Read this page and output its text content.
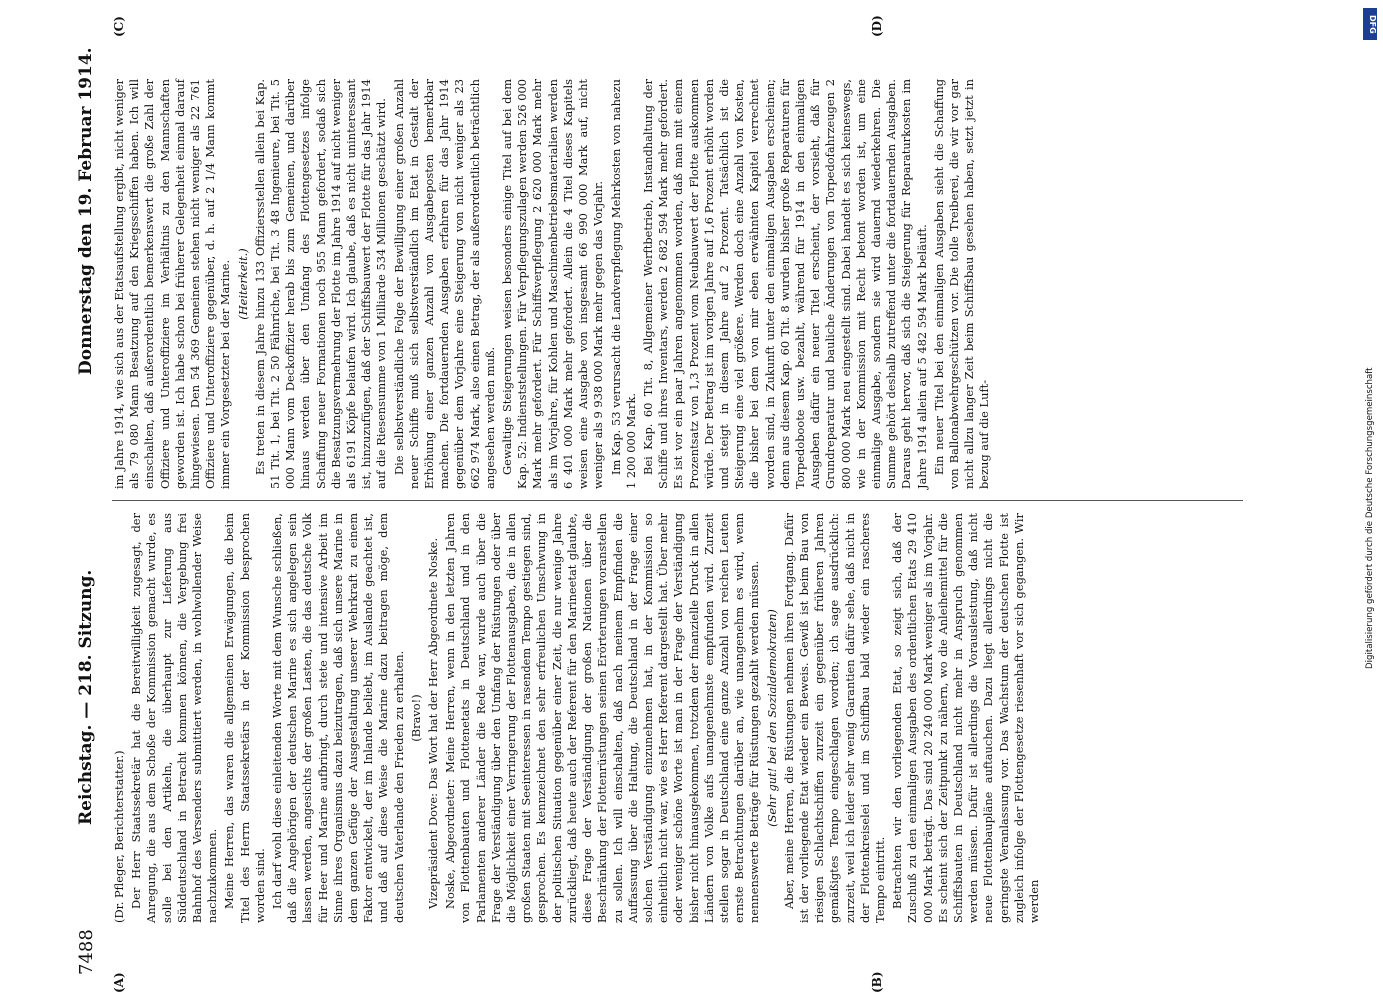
7488
Reichstag. — 218. Sitzung.
Donnerstag den 19. Februar 1914.
(A)	(B)
(C)	(D)

(Dr. Pfleger, Berichterstatter.) Der Herr Staatssekretär hat die Bereitwilligkeit zugesagt, der Anregung, die aus dem Schoße der Kommission gemacht wurde, es solle bei den Artikeln, die überhaupt zur Lieferung aus Süddeutschland in Betracht kommen können, die Vergebung frei Bahnhof des Versenders submittiert werden, in wohlwollender Weise nachzukommen. Meine Herren, das waren die allgemeinen Erwägungen, die beim Titel des Herrn Staatssekretärs in der Kommission besprochen worden sind. Ich darf wohl diese einleitenden Worte mit dem Wunsche schließen, daß die Angehörigen der deutschen Marine es sich angelegen sein lassen werden, angesichts der großen Lasten, die das deutsche Volk für Heer und Marine aufbringt, durch stete und intensive Arbeit im Sinne ihres Organismus dazu beizutragen, daß sich unsere Marine in dem ganzen Gefüge der Ausgestaltung unserer Wehrkraft zu einem Faktor entwickelt, der im Inlande beliebt, im Auslande geachtet ist, und daß auf diese Weise die Marine dazu beitragen möge, dem deutschen Vaterlande den Frieden zu erhalten. (Bravo!) Vizepräsident Dove: Das Wort hat der Herr Abgeordnete Noske. Noske, Abgeordneter: Meine Herren, wenn in den letzten Jahren von Flottenbauten und Flottenetats in Deutschland und in den Parlamenten anderer Länder die Rede war, wurde auch über die Frage der Verständigung über den Umfang der Rüstungen oder über die Möglichkeit einer Verringerung der Flottenausgaben, die in allen großen Staaten mit Seeinteressen in rasendem Tempo gestiegen sind, gesprochen. Es kennzeichnet den sehr erfreulichen Umschwung in der politischen Situation gegenüber einer Zeit, die nur wenige Jahre zurückliegt, daß heute auch der Referent für den Marineetat glaubte, diese Frage der Verständigung der großen Nationen über die Beschränkung der Flottenrüstungen seinen Erörterungen voranstellen zu sollen. Ich will einschalten, daß nach meinem Empfinden die Auffassung über die Haltung, die Deutschland in der Frage einer solchen Verständigung einzunehmen hat, in der Kommission so einheitlich nicht war, wie es Herr Referent dargestellt hat. Über mehr oder weniger schöne Worte ist man in der Frage der Verständigung bisher nicht hinausgekommen, trotzdem der finanzielle Druck in allen Ländern von Volke aufs unangenehmste empfunden wird. Zurzeit stellen sogar in Deutschland eine ganze Anzahl von reichen Leuten ernste Betrachtungen darüber an, wie unangenehm es wird, wenn nennenswerte Beträge für Rüstungen gezahlt werden müssen. (Sehr gut! bei den Sozialdemokraten) Aber, meine Herren, die Rüstungen nehmen ihren Fortgang. Dafür ist der vorliegende Etat wieder ein Beweis. Gewiß ist beim Bau von riesigen Schlachtschiffen zurzeit ein gegenüber früheren Jahren gemäßigtes Tempo eingeschlagen worden; ich sage ausdrücklich: zurzeit, weil ich leider sehr wenig Garantien dafür sehe, daß nicht in der Flottenkreiselei und im Schiffbau bald wieder ein rascheres Tempo eintritt. Betrachten wir den vorliegenden Etat, so zeigt sich, daß der Zuschuß zu den einmaligen Ausgaben des ordentlichen Etats 29 410 000 Mark beträgt. Das sind 20 240 000 Mark weniger als im Vorjahr. Es scheint sich der Zeitpunkt zu nähern, wo die Anleihemittel für die Schiffsbauten in Deutschland nicht mehr in Anspruch genommen werden müssen. Dafür ist allerdings die Vorausleistung, daß nicht neue Flottenbaupläne auftauchen. Dazu liegt allerdings nicht die geringste Veranlassung vor. Das Wachstum der deutschen Flotte ist zugleich infolge der Flottengesetze riesenhaft vor sich gegangen. Wir werden

im Jahre 1914, wie sich aus der Etatsaufstellung ergibt, nicht weniger als 79 080 Mann Besatzung auf den Kriegsschiffen haben. Ich will einschalten, daß außerordentlich bemerkenswert die große Zahl der Offiziere und Unteroffiziere im Verhältnis zu den Mannschaften geworden ist. Ich habe schon bei früherer Gelegenheit einmal darauf hingewiesen. Den 54 369 Gemeinen stehen nicht weniger als 22 761 Offiziere und Unteroffiziere gegenüber, d. h. auf 2 1/4 Mann kommt immer ein Vorgesetzter bei der Marine. (Heiterkeit.) Es treten in diesem Jahre hinzu 133 Offiziersstellen allein bei Kap. 51 Tit. 1, bei Tit. 2 50 Fähnriche, bei Tit. 3 48 Ingenieure, bei Tit. 5 000 Mann vom Deckoffizier herab bis zum Gemeinen, und darüber hinaus werden über den Umfang des Flottengesetzes infolge Schaffung neuer Formationen noch 955 Mann gefordert, sodaß sich die Besatzungsvermehrung der Flotte im Jahre 1914 auf nicht weniger als 6191 Köpfe belaufen wird. Ich glaube, daß es nicht uninteressant ist, hinzuzufügen, daß der Schiffsbauwert der Flotte für das Jahr 1914 auf die Riesensumme von 1 Milliarde 534 Millionen geschätzt wird. Die selbstverständliche Folge der Bewilligung einer großen Anzahl neuer Schiffe muß sich selbstverständlich im Etat in Gestalt der Erhöhung einer ganzen Anzahl von Ausgabeposten bemerkbar machen. Die fortdauernden Ausgaben erfahren für das Jahr 1914 gegenüber dem Vorjahre eine Steigerung von nicht weniger als 23 662 974 Mark, also einen Betrag, der als außerordentlich beträchtlich angesehen werden muß. Gewaltige Steigerungen weisen besonders einige Titel auf bei dem Kap. 52: Indienststellungen. Für Verpflegungszulagen werden 526 000 Mark mehr gefordert. Für Schiffsverpflegung 2 620 000 Mark mehr als im Vorjahre, für Kohlen und Maschinenbetriebsmaterialien werden 6 401 000 Mark mehr gefordert. Allein die 4 Titel dieses Kapitels weisen eine Ausgabe von insgesamt 66 990 000 Mark auf, nicht weniger als 9 938 000 Mark mehr gegen das Vorjahr. Im Kap. 53 verursacht die Landverpflegung Mehrkosten von nahezu 1 200 000 Mark. Bei Kap. 60 Tit. 8, Allgemeiner Werftbetrieb, Instandhaltung der Schiffe und ihres Inventars, werden 2 682 594 Mark mehr gefordert. Es ist vor ein paar Jahren angenommen worden, daß man mit einem Prozentsatz von 1,3 Prozent vom Neubauwert der Flotte auskommen würde. Der Betrag ist im vorigen Jahre auf 1,6 Prozent erhöht worden und steigt in diesem Jahre auf 2 Prozent. Tatsächlich ist die Steigerung eine viel größere. Werden doch eine Anzahl von Kosten, die bisher bei dem von mir eben erwähnten Kapitel verrechnet worden sind, in Zukunft unter den einmaligen Ausgaben erscheinen; denn aus diesem Kap. 60 Tit. 8 wurden bisher große Reparaturen für Torpedoboote usw. bezahlt, während für 1914 in den einmaligen Ausgaben dafür ein neuer Titel erscheint, der vorsieht, daß für Grundreparatur und bauliche Änderungen von Torpedofahrzeugen 2 800 000 Mark neu eingestellt sind. Dabei handelt es sich keineswegs, wie in der Kommission mit Recht betont worden ist, um eine einmalige Ausgabe, sondern sie wird dauernd wiederkehren. Die Summe gehört deshalb zutreffend unter die fortdauernden Ausgaben. Daraus geht hervor, daß sich die Steigerung für Reparaturkosten im Jahre 1914 allein auf 5 482 594 Mark beläuft. Ein neuer Titel bei den einmaligen Ausgaben sieht die Schaffung von Ballonabwehrgeschützen vor. Die tolle Treiberei, die wir vor gar nicht allzu langer Zeit beim Schiffsbau gesehen haben, setzt jetzt in bezug auf die Luft-

DFG
Digitalisierung gefördert durch die Deutsche Forschungsgemeinschaft
